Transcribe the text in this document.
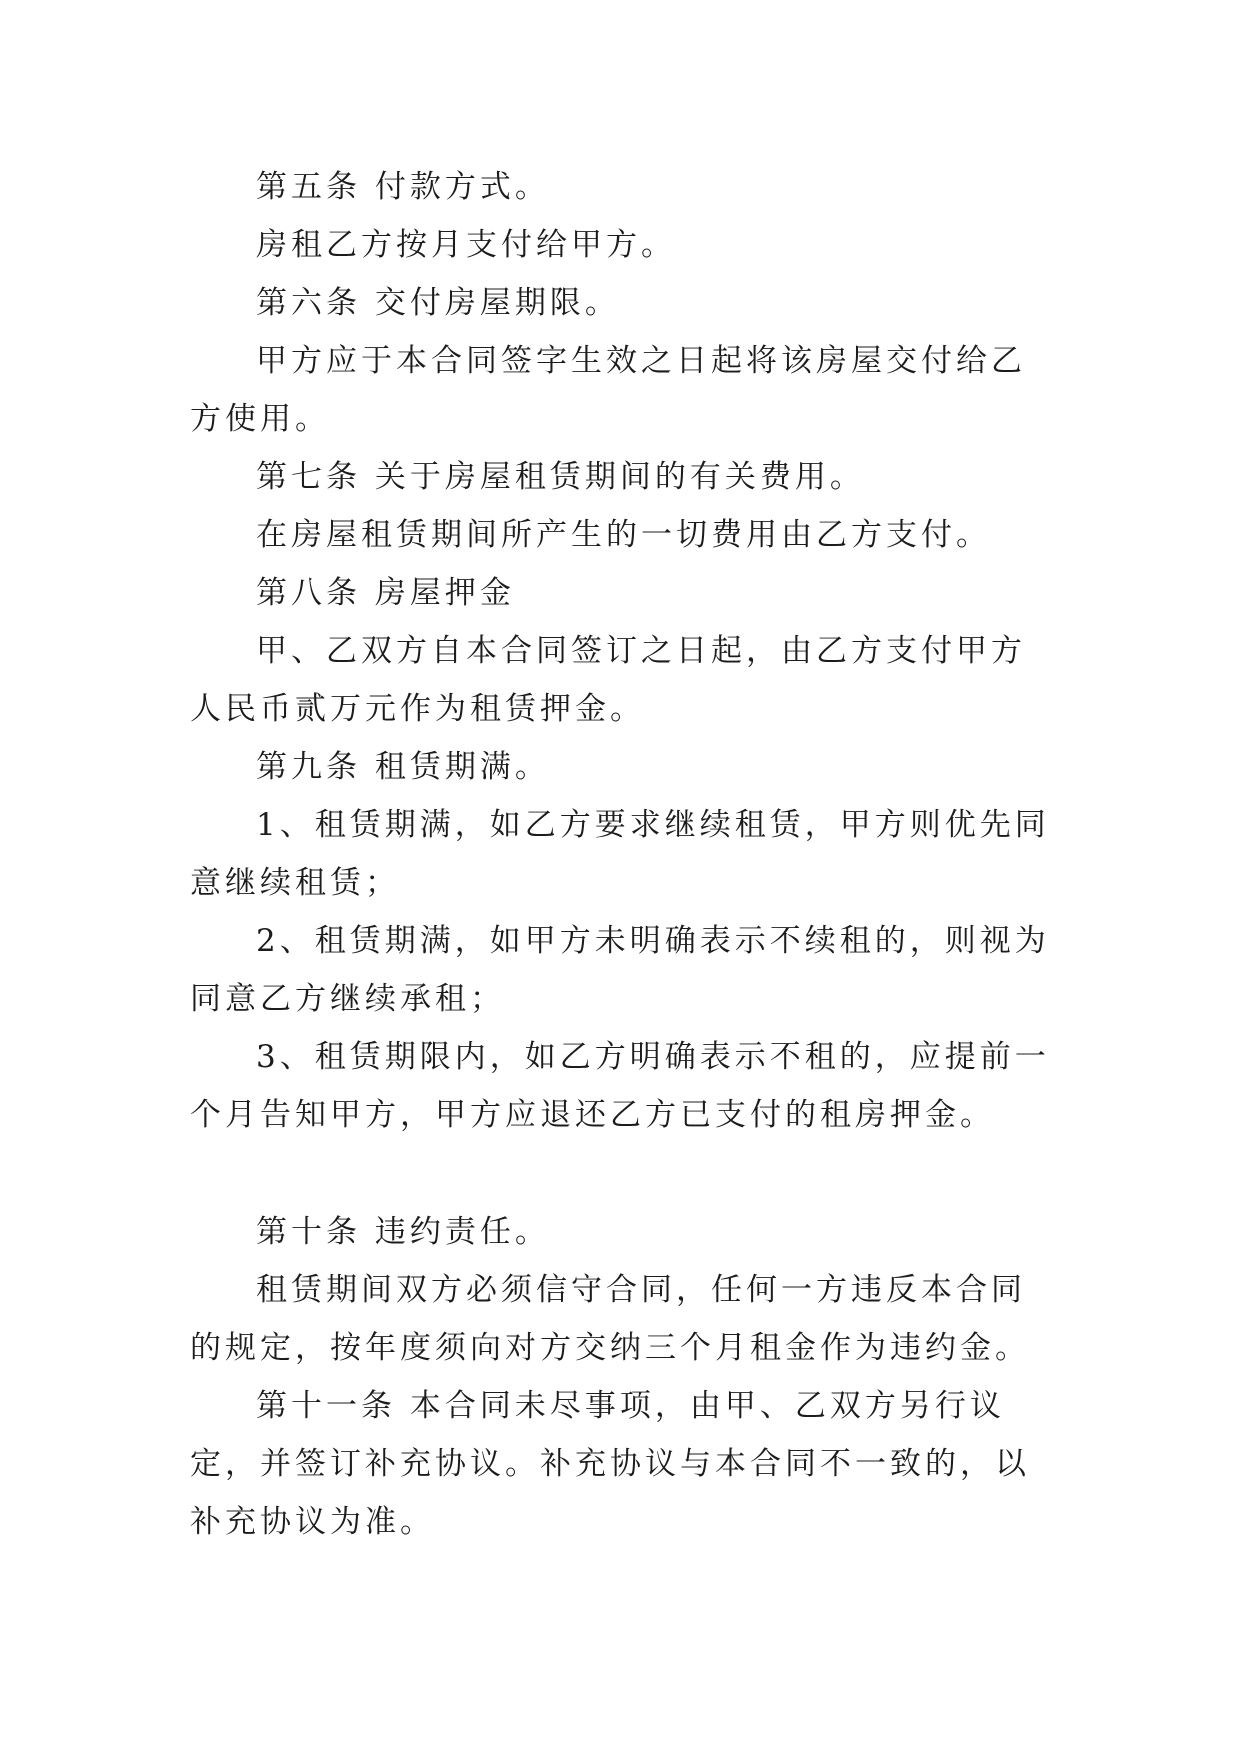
第五条 付款方式。

房租乙方按月支付给甲方。

第六条 交付房屋期限。

甲方应于本合同签字生效之日起将该房屋交付给乙方使用。

第七条 关于房屋租赁期间的有关费用。

在房屋租赁期间所产生的一切费用由乙方支付。

第八条 房屋押金

甲、乙双方自本合同签订之日起，由乙方支付甲方人民币贰万元作为租赁押金。

第九条 租赁期满。

1、租赁期满，如乙方要求继续租赁，甲方则优先同意继续租赁；

2、租赁期满，如甲方未明确表示不续租的，则视为同意乙方继续承租；

3、租赁期限内，如乙方明确表示不租的，应提前一个月告知甲方，甲方应退还乙方已支付的租房押金。

第十条 违约责任。

租赁期间双方必须信守合同，任何一方违反本合同的规定，按年度须向对方交纳三个月租金作为违约金。

第十一条 本合同未尽事项，由甲、乙双方另行议定，并签订补充协议。补充协议与本合同不一致的，以补充协议为准。
